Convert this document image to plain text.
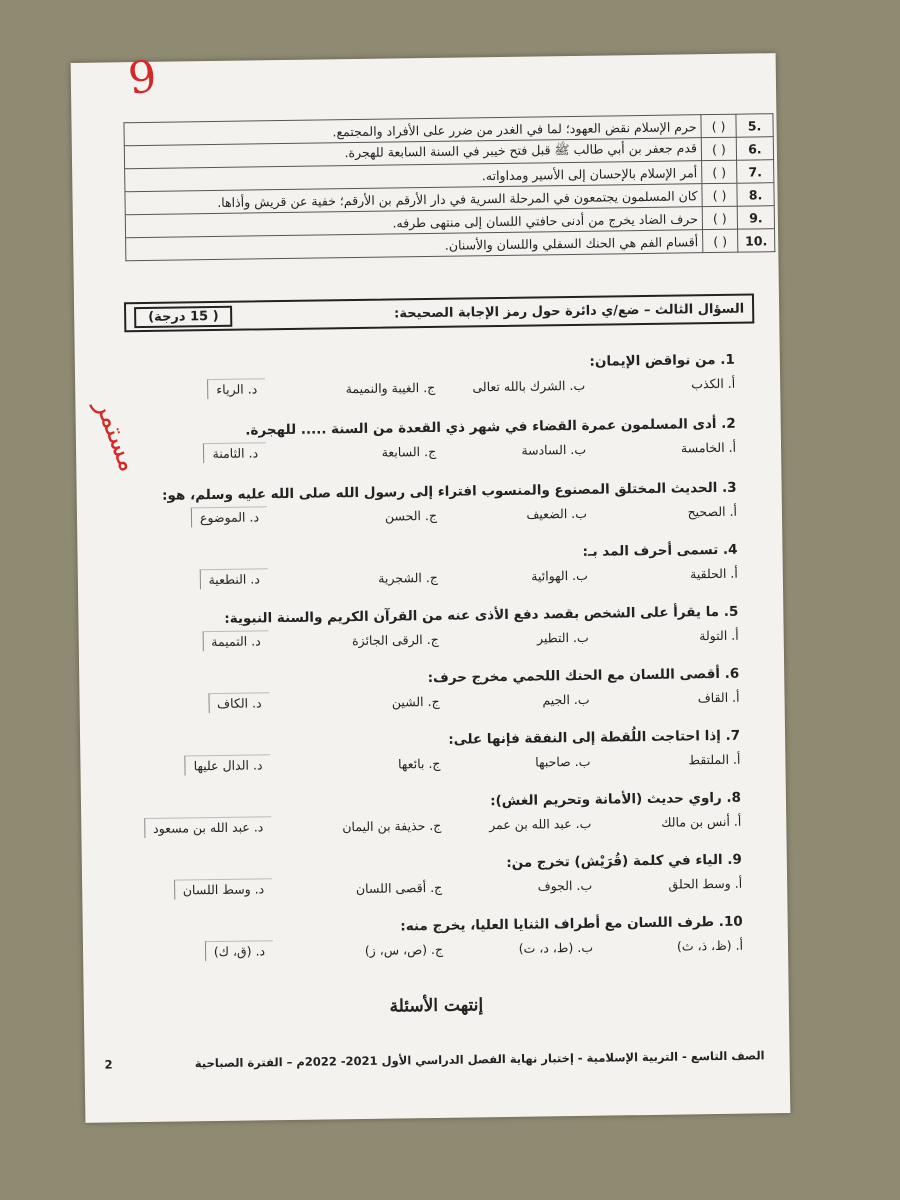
9
.5	( )	حرم الإسلام نقض العهود؛ لما في الغدر من ضرر على الأفراد والمجتمع.
.6	( )	قدم جعفر بن أبي طالب ﷺ قبل فتح خيبر في السنة السابعة للهجرة.
.7	( )	أمر الإسلام بالإحسان إلى الأسير ومداواته.
.8	( )	كان المسلمون يجتمعون في المرحلة السرية في دار الأرقم بن الأرقم؛ خفية عن قريش وأذاها.
.9	( )	حرف الضاد يخرج من أدنى حافتي اللسان إلى منتهى طرفه.
.10	( )	أقسام الفم هي الحنك السفلي واللسان والأسنان.
السؤال الثالث – ضع/ي دائرة حول رمز الإجابة الصحيحة:
( 15 درجة)
مستمر
1. من نواقض الإيمان:
أ. الكذب
ب. الشرك بالله تعالى
ج. الغيبة والنميمة
د. الرياء
2. أدى المسلمون عمرة القضاء في شهر ذي القعدة من السنة ..... للهجرة.
أ. الخامسة
ب. السادسة
ج. السابعة
د. الثامنة
3. الحديث المختلق المصنوع والمنسوب افتراء إلى رسول الله صلى الله عليه وسلم، هو:
أ. الصحيح
ب. الضعيف
ج. الحسن
د. الموضوع
4. تسمى أحرف المد بـ:
أ. الحلقية
ب. الهوائية
ج. الشجرية
د. النطعية
5. ما يقرأ على الشخص بقصد دفع الأذى عنه من القرآن الكريم والسنة النبوية:
أ. التولة
ب. التطير
ج. الرقى الجائزة
د. التميمة
6. أقصى اللسان مع الحنك اللحمي مخرج حرف:
أ. القاف
ب. الجيم
ج. الشين
د. الكاف
7. إذا احتاجت اللُقطة إلى النفقة فإنها على:
أ. الملتقط
ب. صاحبها
ج. بائعها
د. الدال عليها
8. راوي حديث (الأمانة وتحريم الغش):
أ. أنس بن مالك
ب. عبد الله بن عمر
ج. حذيفة بن اليمان
د. عبد الله بن مسعود
9. الياء في كلمة (قُرَيْش) تخرج من:
أ. وسط الحلق
ب. الجوف
ج. أقصى اللسان
د. وسط اللسان
10. طرف اللسان مع أطراف الثنايا العليا، يخرج منه:
أ. (ظ، ذ، ث)
ب. (ط، د، ت)
ج. (ص، س، ز)
د. (ق، ك)
إنتهت الأسئلة
الصف التاسع - التربية الإسلامية - إختبار نهاية الفصل الدراسي الأول 2021- 2022م – الفترة الصباحية
2
